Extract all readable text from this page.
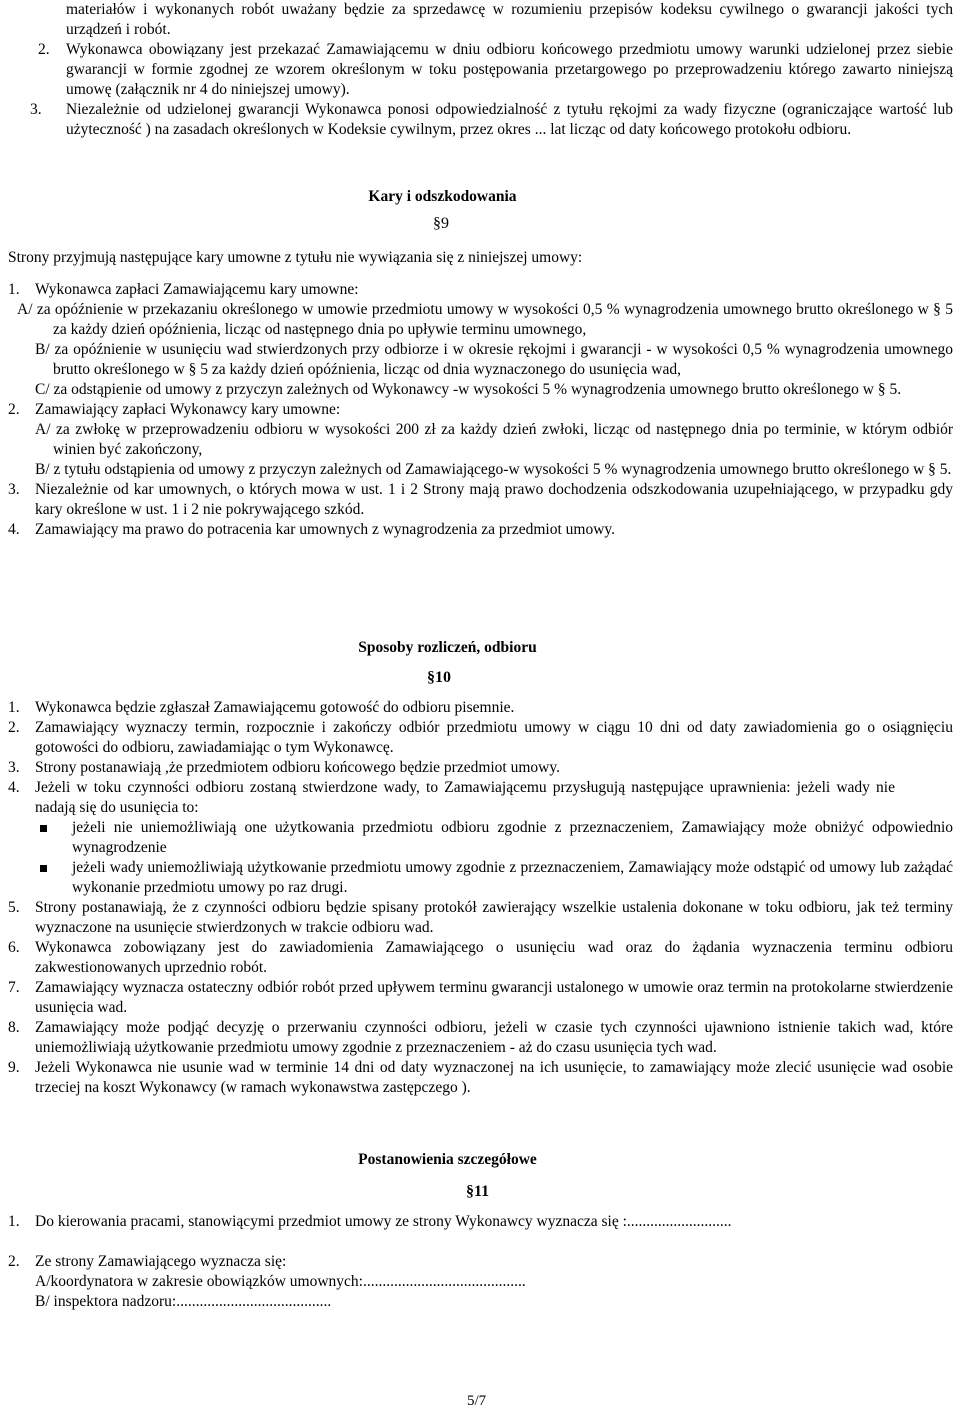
materiałów i wykonanych robót uważany będzie za sprzedawcę w rozumieniu przepisów kodeksu cywilnego o gwarancji jakości tych urządzeń i robót.
2. Wykonawca obowiązany jest przekazać Zamawiającemu w dniu odbioru końcowego przedmiotu umowy warunki udzielonej przez siebie gwarancji w formie zgodnej ze wzorem określonym w toku postępowania przetargowego po przeprowadzeniu którego zawarto niniejszą umowę (załącznik nr 4 do niniejszej umowy).
3. Niezależnie od udzielonej gwarancji Wykonawca ponosi odpowiedzialność z tytułu rękojmi za wady fizyczne (ograniczające wartość lub użyteczność ) na zasadach określonych w Kodeksie cywilnym, przez okres ... lat licząc od daty końcowego protokołu odbioru.
Kary i odszkodowania
§9
Strony przyjmują następujące kary umowne z tytułu nie wywiązania się z niniejszej umowy:
1. Wykonawca zapłaci Zamawiającemu kary umowne:
A/ za opóźnienie w przekazaniu określonego w umowie przedmiotu umowy w wysokości 0,5 % wynagrodzenia umownego brutto określonego w § 5 za każdy dzień opóźnienia, licząc od następnego dnia po upływie terminu umownego,
B/ za opóźnienie w usunięciu wad stwierdzonych przy odbiorze i w okresie rękojmi i gwarancji - w wysokości 0,5 % wynagrodzenia umownego brutto określonego w § 5 za każdy dzień opóźnienia, licząc od dnia wyznaczonego do usunięcia wad,
C/ za odstąpienie od umowy z przyczyn zależnych od Wykonawcy -w wysokości 5 % wynagrodzenia umownego brutto określonego w § 5.
2. Zamawiający zapłaci Wykonawcy kary umowne:
A/ za zwłokę w przeprowadzeniu odbioru w wysokości 200 zł za każdy dzień zwłoki, licząc od następnego dnia po terminie, w którym odbiór winien być zakończony,
B/ z tytułu odstąpienia od umowy z przyczyn zależnych od Zamawiającego-w wysokości 5 % wynagrodzenia umownego brutto określonego w § 5.
3. Niezależnie od kar umownych, o których mowa w ust. 1 i 2 Strony mają prawo dochodzenia odszkodowania uzupełniającego, w przypadku gdy kary określone w ust. 1 i 2 nie pokrywającego szkód.
4. Zamawiający ma prawo do potracenia kar umownych z wynagrodzenia za przedmiot umowy.
Sposoby rozliczeń, odbioru
§10
1. Wykonawca będzie zgłaszał Zamawiającemu gotowość do odbioru pisemnie.
2. Zamawiający wyznaczy termin, rozpocznie i zakończy odbiór przedmiotu umowy w ciągu 10 dni od daty zawiadomienia go o osiągnięciu gotowości do odbioru, zawiadamiając o tym Wykonawcę.
3. Strony postanawiają ,że przedmiotem odbioru końcowego będzie przedmiot umowy.
4. Jeżeli w toku czynności odbioru zostaną stwierdzone wady, to Zamawiającemu przysługują następujące uprawnienia: jeżeli wady nie nadają się do usunięcia to:
jeżeli nie uniemożliwiają one użytkowania przedmiotu odbioru zgodnie z przeznaczeniem, Zamawiający może obniżyć odpowiednio wynagrodzenie
jeżeli wady uniemożliwiają użytkowanie przedmiotu umowy zgodnie z przeznaczeniem, Zamawiający może odstąpić od umowy lub zażądać wykonanie przedmiotu umowy po raz drugi.
5. Strony postanawiają, że z czynności odbioru będzie spisany protokół zawierający wszelkie ustalenia dokonane w toku odbioru, jak też terminy wyznaczone na usunięcie stwierdzonych w trakcie odbioru wad.
6. Wykonawca zobowiązany jest do zawiadomienia Zamawiającego o usunięciu wad oraz do żądania wyznaczenia terminu odbioru zakwestionowanych uprzednio robót.
7. Zamawiający wyznacza ostateczny odbiór robót przed upływem terminu gwarancji ustalonego w umowie oraz termin na protokolarne stwierdzenie usunięcia wad.
8. Zamawiający może podjąć decyzję o przerwaniu czynności odbioru, jeżeli w czasie tych czynności ujawniono istnienie takich wad, które uniemożliwiają użytkowanie przedmiotu umowy zgodnie z przeznaczeniem - aż do czasu usunięcia tych wad.
9. Jeżeli Wykonawca nie usunie wad w terminie 14 dni od daty wyznaczonej na ich usunięcie, to zamawiający może zlecić usunięcie wad osobie trzeciej na koszt Wykonawcy (w ramach wykonawstwa zastępczego ).
Postanowienia szczegółowe
§11
1. Do kierowania pracami, stanowiącymi przedmiot umowy ze strony Wykonawcy wyznacza się :...........................
2. Ze strony Zamawiającego wyznacza się:
A/koordynatora w zakresie obowiązków umownych:..........................................
B/ inspektora nadzoru:........................................
5/7
